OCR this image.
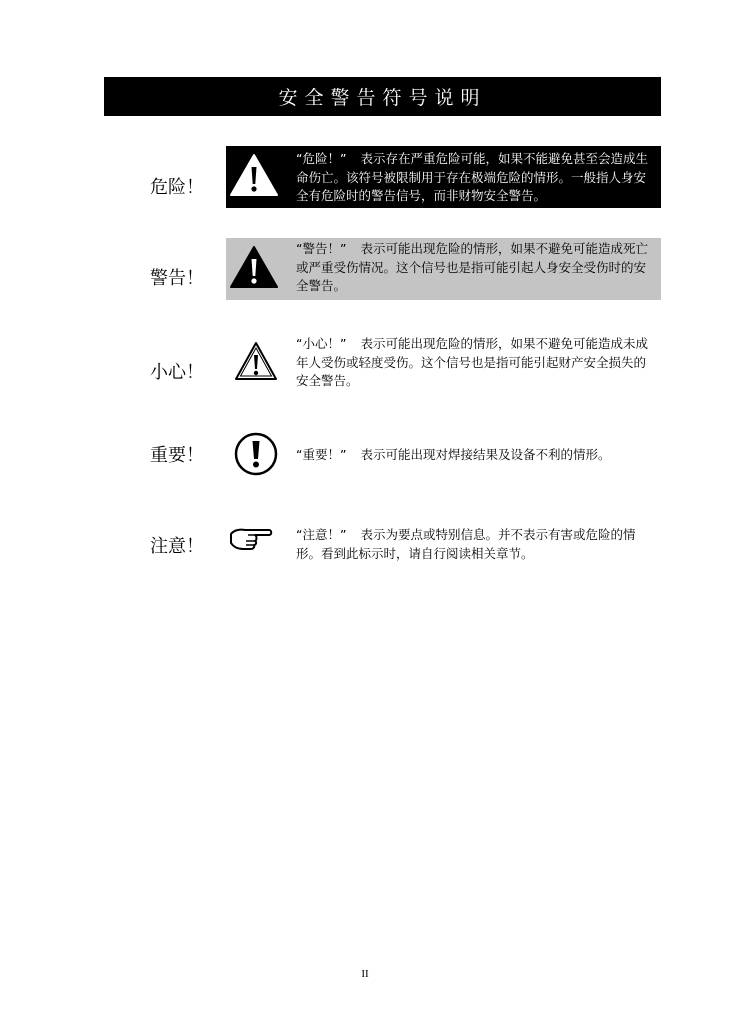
安全警告符号说明
危险！
“危险！” 表示存在严重危险可能，如果不能避免甚至会造成生命伤亡。该符号被限制用于存在极端危险的情形。一般指人身安全有危险时的警告信号，而非财物安全警告。
警告！
“警告！” 表示可能出现危险的情形，如果不避免可能造成死亡或严重受伤情况。这个信号也是指可能引起人身安全受伤时的安全警告。
小心！
“小心！” 表示可能出现危险的情形，如果不避免可能造成未成年人受伤或轻度受伤。这个信号也是指可能引起财产安全损失的安全警告。
重要！	“重要！” 表示可能出现对焊接结果及设备不利的情形。
注意！
“注意！” 表示为要点或特别信息。并不表示有害或危险的情形。看到此标示时，请自行阅读相关章节。
II
